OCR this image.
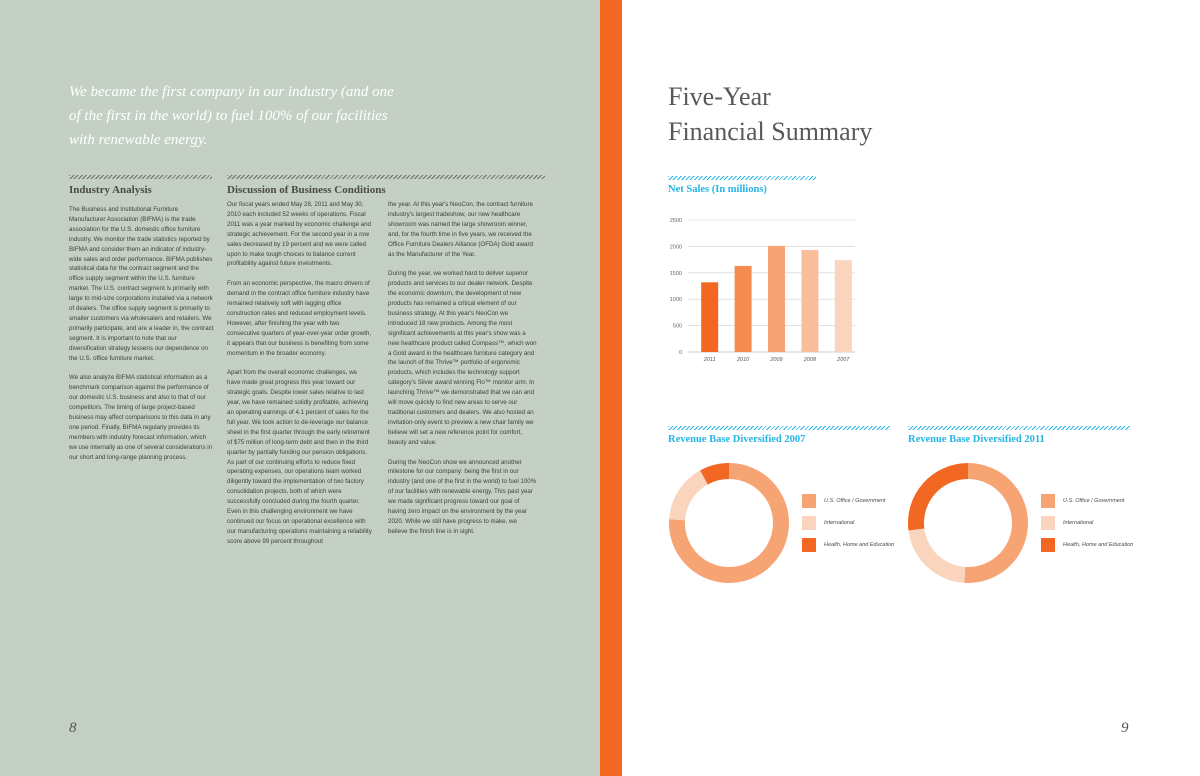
We became the first company in our industry (and one of the first in the world) to fuel 100% of our facilities with renewable energy.
Industry Analysis	Discussion of Business Conditions

The Business and Institutional Furniture Manufacturer Association (BIFMA) is the trade association for the U.S. domestic office furniture industry. We monitor the trade statistics reported by BIFMA and consider them an indicator of industry-wide sales and order performance. BIFMA publishes statistical data for the contract segment and the office supply segment within the U.S. furniture market. The U.S. contract segment is primarily with large to mid-size corporations installed via a network of dealers. The office supply segment is primarily to smaller customers via wholesalers and retailers. We primarily participate, and are a leader in, the contract segment. It is important to note that our diversification strategy lessens our dependence on the U.S. office furniture market.

We also analyze BIFMA statistical information as a benchmark comparison against the performance of our domestic U.S. business and also to that of our competitors. The timing of large project-based business may affect comparisons to this data in any one period. Finally, BIFMA regularly provides its members with industry forecast information, which we use internally as one of several considerations in our short and long-range planning process.

Our fiscal years ended May 28, 2011 and May 30, 2010 each included 52 weeks of operations. Fiscal 2011 was a year marked by economic challenge and strategic achievement. For the second year in a row sales decreased by 19 percent and we were called upon to make tough choices to balance current profitability against future investments.

From an economic perspective, the macro drivers of demand in the contract office furniture industry have remained relatively soft with lagging office construction rates and reduced employment levels. However, after finishing the year with two consecutive quarters of year-over-year order growth, it appears that our business is benefiting from some momentum in the broader economy.

Apart from the overall economic challenges, we have made great progress this year toward our strategic goals. Despite lower sales relative to last year, we have remained solidly profitable, achieving an operating earnings of 4.1 percent of sales for the full year. We took action to de-leverage our balance sheet in the first quarter through the early retirement of $75 million of long-term debt and then in the third quarter by partially funding our pension obligations. As part of our continuing efforts to reduce fixed operating expenses, our operations team worked diligently toward the implementation of two factory consolidation projects, both of which were successfully concluded during the fourth quarter. Even in this challenging environment we have continued our focus on operational excellence with our manufacturing operations maintaining a reliability score above 99 percent throughout

the year. At this year's NeoCon, the contract furniture industry's largest tradeshow, our new healthcare showroom was named the large showroom winner, and, for the fourth time in five years, we received the Office Furniture Dealers Alliance (OFDA) Gold award as the Manufacturer of the Year.

During the year, we worked hard to deliver superior products and services to our dealer network. Despite the economic downturn, the development of new products has remained a critical element of our business strategy. At this year's NeoCon we introduced 18 new products. Among the most significant achievements at this year's show was a new healthcare product called Compass™, which won a Gold award in the healthcare furniture category and the launch of the Thrive™ portfolio of ergonomic products, which includes the technology support category's Silver award winning Flo™ monitor arm. In launching Thrive™ we demonstrated that we can and will move quickly to find new areas to serve our traditional customers and dealers. We also hosted an invitation-only event to preview a new chair family we believe will set a new reference point for comfort, beauty and value.

During the NeoCon show we announced another milestone for our company: being the first in our industry (and one of the first in the world) to fuel 100% of our facilities with renewable energy. This past year we made significant progress toward our goal of having zero impact on the environment by the year 2020. While we still have progress to make, we believe the finish line is in sight.

8
Five-Year
Financial Summary
Net Sales (In millions)
0
500
1000
1500
2000
2500
2011	2010	2009	2008	2007
Revenue Base Diversified 2007	Revenue Base Diversified 2011
U.S. Office / Government
International
Health, Home and Education
U.S. Office / Government
International
Health, Home and Education
9
